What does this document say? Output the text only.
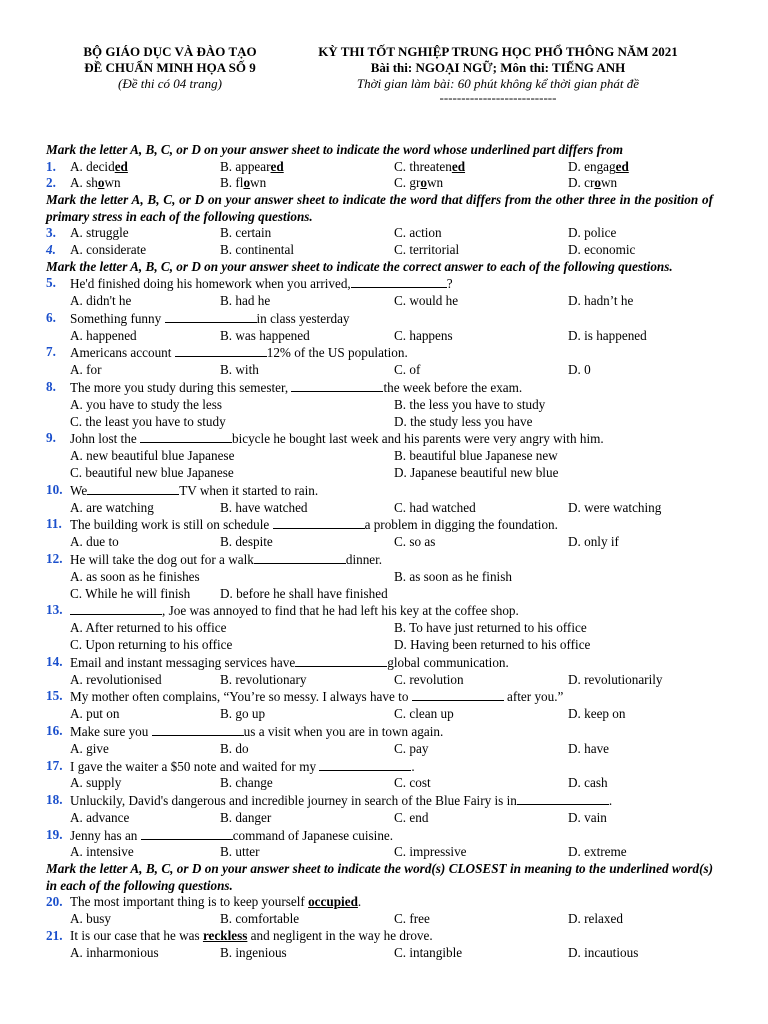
BỘ GIÁO DỤC VÀ ĐÀO TẠO
ĐỀ CHUẨN MINH HỌA SỐ 9
(Đề thi có 04 trang)
KỲ THI TỐT NGHIỆP TRUNG HỌC PHỔ THÔNG NĂM 2021
Bài thi: NGOẠI NGỮ; Môn thi: TIẾNG ANH
Thời gian làm bài: 60 phút không kể thời gian phát đề
---------------------------
Mark the letter A, B, C, or D on your answer sheet to indicate the word whose underlined part differs from
1.	A. decided	B. appeared	C. threatened	D. engaged
2.	A. shown	B. flown	C. grown	D. crown
Mark the letter A, B, C, or D on your answer sheet to indicate the word that differs from the other three in the position of primary stress in each of the following questions.
3.	A. struggle	B. certain	C. action	D. police
4.	A. considerate	B. continental	C. territorial	D. economic
Mark the letter A, B, C, or D on your answer sheet to indicate the correct answer to each of the following questions.
5.	He'd finished doing his homework when you arrived,	?
A. didn't he	B. had he	C. would he	D. hadn’t he
6.	Something funny	in class yesterday
A. happened	B. was happened	C. happens	D. is happened
7.	Americans account	12% of the US population.
A. for	B. with	C. of	D. 0
8.	The more you study during this semester,	the week before the exam.
A. you have to study the less	B. the less you have to study
C. the least you have to study	D. the study less you have
9.	John lost the	bicycle he bought last week and his parents were very angry with him.
A. new beautiful blue Japanese	B. beautiful blue Japanese new
C. beautiful new blue Japanese	D. Japanese beautiful new blue
10. We	TV when it started to rain.
A. are watching	B. have watched	C. had watched	D. were watching
11. The building work is still on schedule	a problem in digging the foundation.
A. due to	B. despite	C. so as	D. only if
12. He will take the dog out for a walk	dinner.
A. as soon as he finishes	B. as soon as he finish
C. While he will finish	D. before he shall have finished
13.	, Joe was annoyed to find that he had left his key at the coffee shop.
A. After returned to his office	B. To have just returned to his office
C. Upon returning to his office	D. Having been returned to his office
14. Email and instant messaging services have	global communication.
A. revolutionised	B. revolutionary	C. revolution	D. revolutionarily
15. My mother often complains, “You’re so messy. I always have to	after you.”
A. put on	B. go up	C. clean up	D. keep on
16. Make sure you	us a visit when you are in town again.
A. give	B. do	C. pay	D. have
17. I gave the waiter a $50 note and waited for my	.
A. supply	B. change	C. cost	D. cash
18. Unluckily, David's dangerous and incredible journey in search of the Blue Fairy is in	.
A. advance	B. danger	C. end	D. vain
19. Jenny has an	command of Japanese cuisine.
A. intensive	B. utter	C. impressive	D. extreme
Mark the letter A, B, C, or D on your answer sheet to indicate the word(s) CLOSEST in meaning to the underlined word(s) in each of the following questions.
20. The most important thing is to keep yourself occupied.
A. busy	B. comfortable	C. free	D. relaxed
21. It is our case that he was reckless and negligent in the way he drove.
A. inharmonious	B. ingenious	C. intangible	D. incautious
